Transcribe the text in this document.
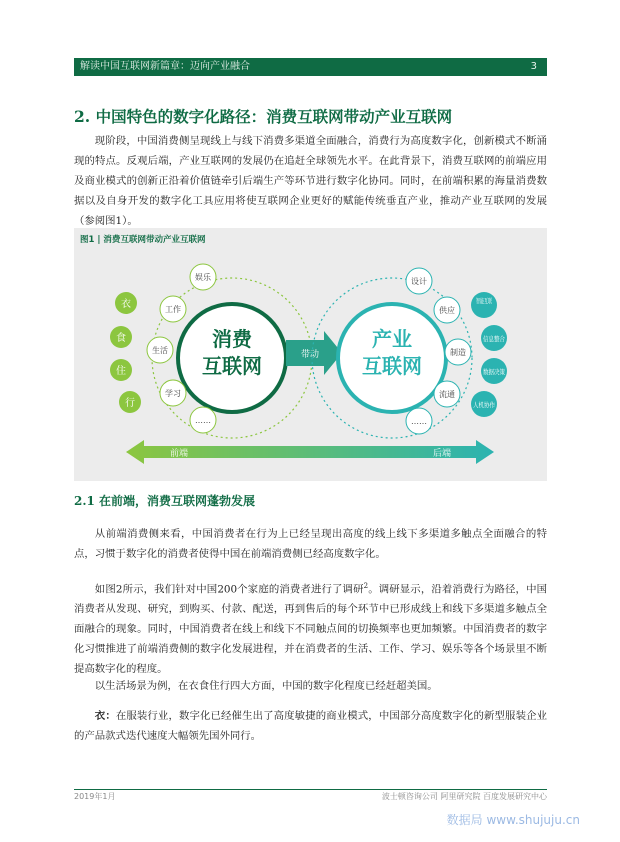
解读中国互联网新篇章：迈向产业融合	3
2. 中国特色的数字化路径：消费互联网带动产业互联网
现阶段，中国消费侧呈现线上与线下消费多渠道全面融合，消费行为高度数字化，创新模式不断涌现的特点。反观后端，产业互联网的发展仍在追赶全球领先水平。在此背景下，消费互联网的前端应用及商业模式的创新正沿着价值链牵引后端生产等环节进行数字化协同。同时，在前端积累的海量消费数据以及自身开发的数字化工具应用将使互联网企业更好的赋能传统垂直产业，推动产业互联网的发展（参阅图1）。
图1 | 消费互联网带动产业互联网
消费
互联网
娱乐
工作
生活
学习
……
衣
食
住
行
带动
产业
互联网
设计
供应
制造
流通
……
智能互联
信息整合
数据决策
人机协作
前端	后端
2.1 在前端，消费互联网蓬勃发展
从前端消费侧来看，中国消费者在行为上已经呈现出高度的线上线下多渠道多触点全面融合的特点，习惯于数字化的消费者使得中国在前端消费侧已经高度数字化。
如图2所示，我们针对中国200个家庭的消费者进行了调研$^2$。调研显示，沿着消费行为路径，中国消费者从发现、研究，到购买、付款、配送，再到售后的每个环节中已形成线上和线下多渠道多触点全面融合的现象。同时，中国消费者在线上和线下不同触点间的切换频率也更加频繁。中国消费者的数字化习惯推进了前端消费侧的数字化发展进程，并在消费者的生活、工作、学习、娱乐等各个场景里不断提高数字化的程度。
以生活场景为例，在衣食住行四大方面，中国的数字化程度已经赶超美国。
衣：在服装行业，数字化已经催生出了高度敏捷的商业模式，中国部分高度数字化的新型服装企业的产品款式迭代速度大幅领先国外同行。
2019年1月	波士顿咨询公司 阿里研究院 百度发展研究中心
数据局 www.shujuju.cn
